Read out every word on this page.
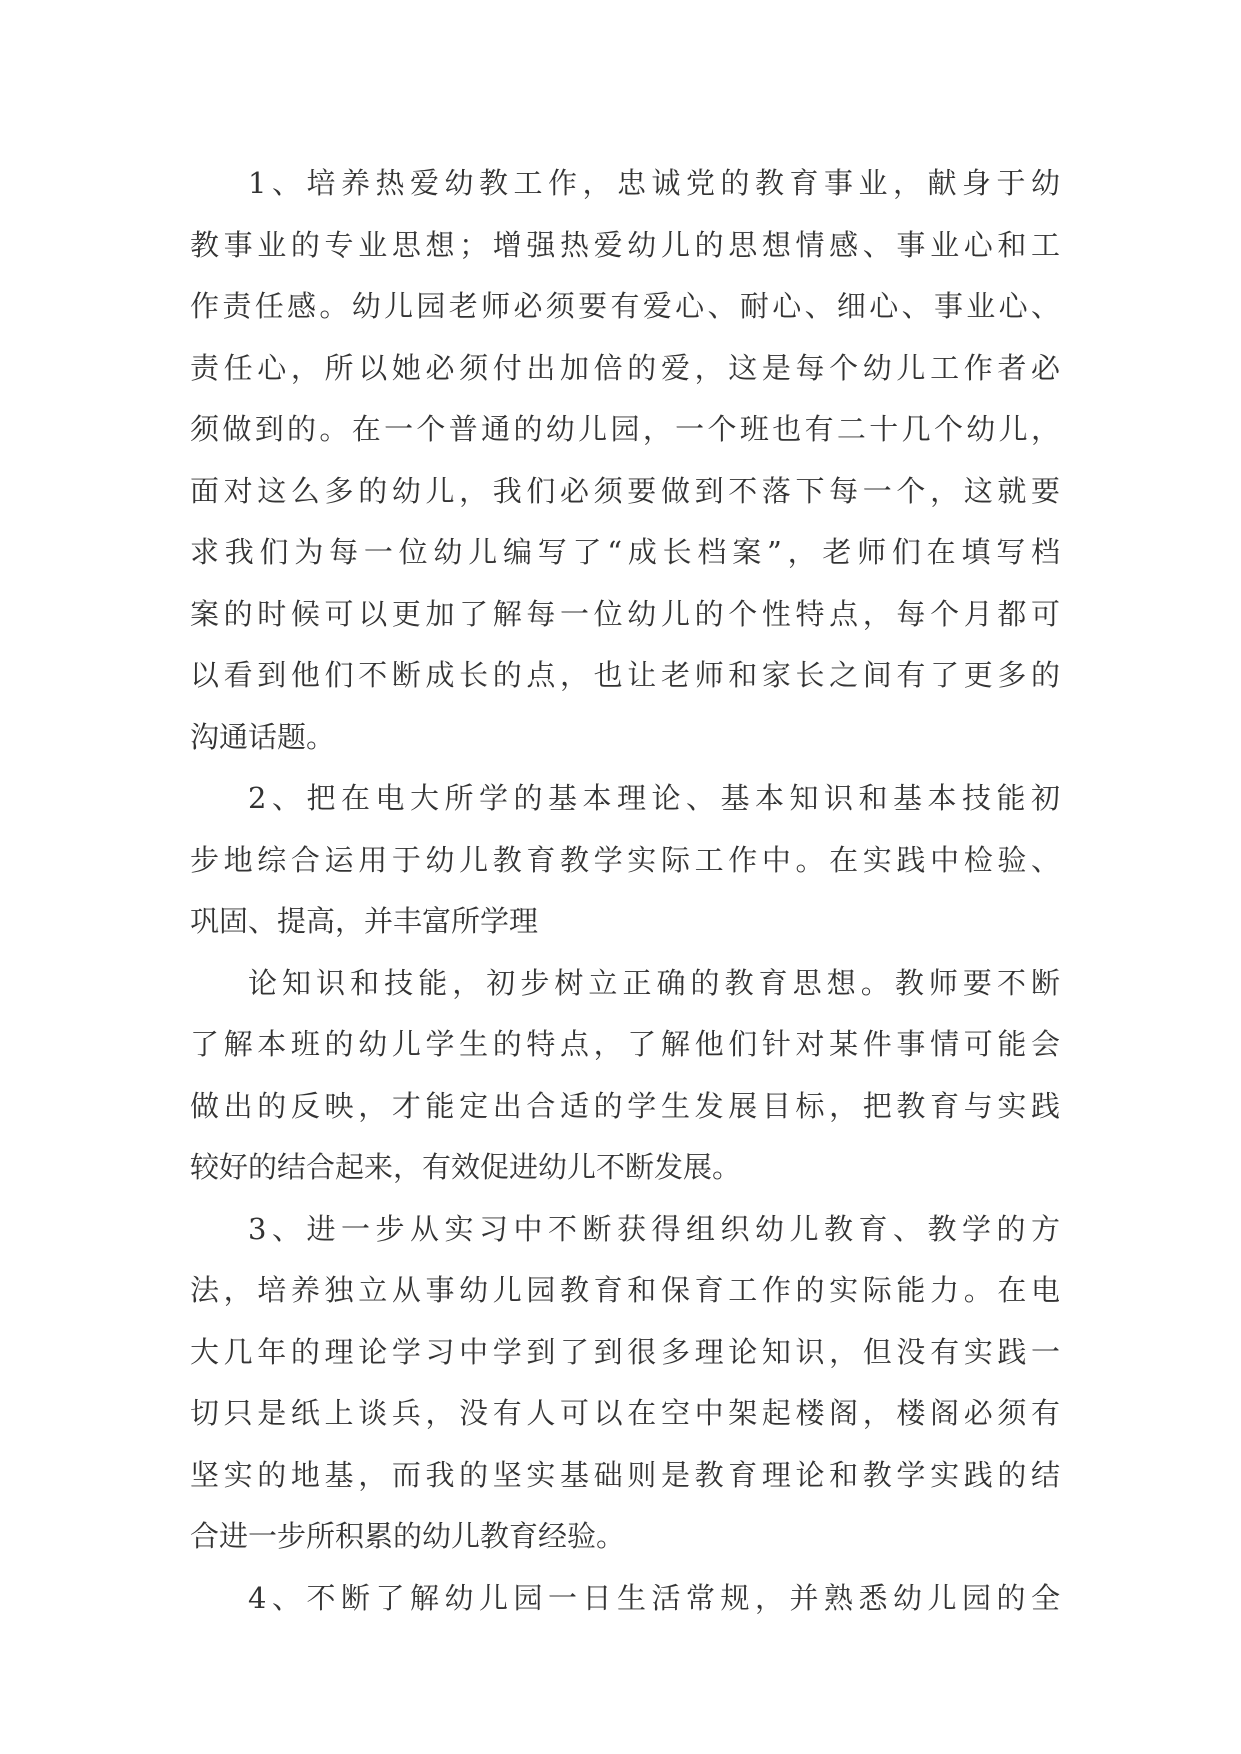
1、培养热爱幼教工作，忠诚党的教育事业，献身于幼
教事业的专业思想；增强热爱幼儿的思想情感、事业心和工
作责任感。幼儿园老师必须要有爱心、耐心、细心、事业心、
责任心，所以她必须付出加倍的爱，这是每个幼儿工作者必
须做到的。在一个普通的幼儿园，一个班也有二十几个幼儿，
面对这么多的幼儿，我们必须要做到不落下每一个，这就要
求我们为每一位幼儿编写了“成长档案”，老师们在填写档
案的时候可以更加了解每一位幼儿的个性特点，每个月都可
以看到他们不断成长的点，也让老师和家长之间有了更多的
沟通话题。
2、把在电大所学的基本理论、基本知识和基本技能初
步地综合运用于幼儿教育教学实际工作中。在实践中检验、
巩固、提高，并丰富所学理
论知识和技能，初步树立正确的教育思想。教师要不断
了解本班的幼儿学生的特点，了解他们针对某件事情可能会
做出的反映，才能定出合适的学生发展目标，把教育与实践
较好的结合起来，有效促进幼儿不断发展。
3、进一步从实习中不断获得组织幼儿教育、教学的方
法，培养独立从事幼儿园教育和保育工作的实际能力。在电
大几年的理论学习中学到了到很多理论知识，但没有实践一
切只是纸上谈兵，没有人可以在空中架起楼阁，楼阁必须有
坚实的地基，而我的坚实基础则是教育理论和教学实践的结
合进一步所积累的幼儿教育经验。
4、不断了解幼儿园一日生活常规，并熟悉幼儿园的全
